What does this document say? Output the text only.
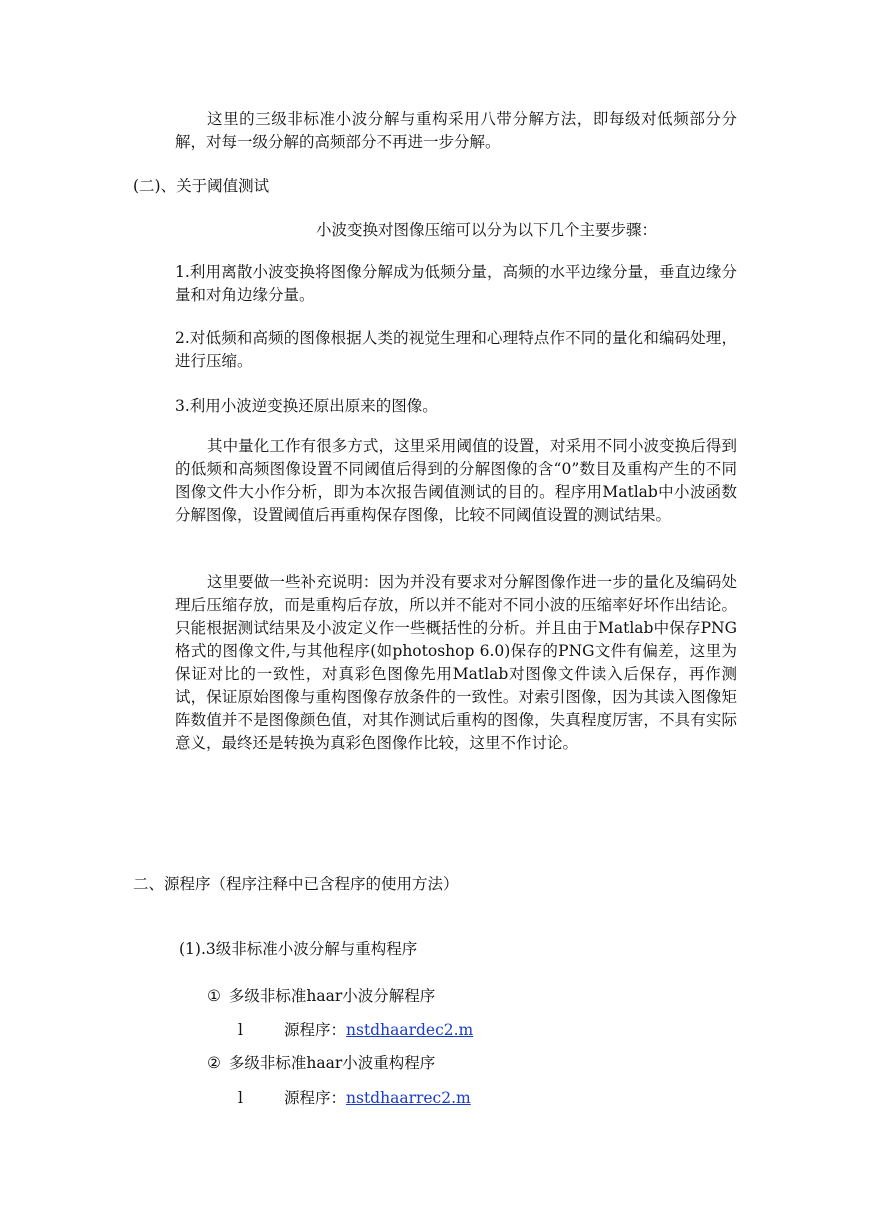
这里的三级非标准小波分解与重构采用八带分解方法，即每级对低频部分分解，对每一级分解的高频部分不再进一步分解。

(二)、关于阈值测试

小波变换对图像压缩可以分为以下几个主要步骤：

1.利用离散小波变换将图像分解成为低频分量，高频的水平边缘分量，垂直边缘分量和对角边缘分量。

2.对低频和高频的图像根据人类的视觉生理和心理特点作不同的量化和编码处理，进行压缩。

3.利用小波逆变换还原出原来的图像。

其中量化工作有很多方式，这里采用阈值的设置，对采用不同小波变换后得到的低频和高频图像设置不同阈值后得到的分解图像的含“0”数目及重构产生的不同图像文件大小作分析，即为本次报告阈值测试的目的。程序用Matlab中小波函数分解图像，设置阈值后再重构保存图像，比较不同阈值设置的测试结果。

这里要做一些补充说明：因为并没有要求对分解图像作进一步的量化及编码处理后压缩存放，而是重构后存放，所以并不能对不同小波的压缩率好坏作出结论。只能根据测试结果及小波定义作一些概括性的分析。并且由于Matlab中保存PNG格式的图像文件,与其他程序(如photoshop 6.0)保存的PNG文件有偏差，这里为保证对比的一致性，对真彩色图像先用Matlab对图像文件读入后保存，再作测试，保证原始图像与重构图像存放条件的一致性。对索引图像，因为其读入图像矩阵数值并不是图像颜色值，对其作测试后重构的图像，失真程度厉害，不具有实际意义，最终还是转换为真彩色图像作比较，这里不作讨论。

二、源程序（程序注释中已含程序的使用方法）

(1).3级非标准小波分解与重构程序

① 多级非标准haar小波分解程序

l	源程序：nstdhaardec2.m

② 多级非标准haar小波重构程序

l	源程序：nstdhaarrec2.m
